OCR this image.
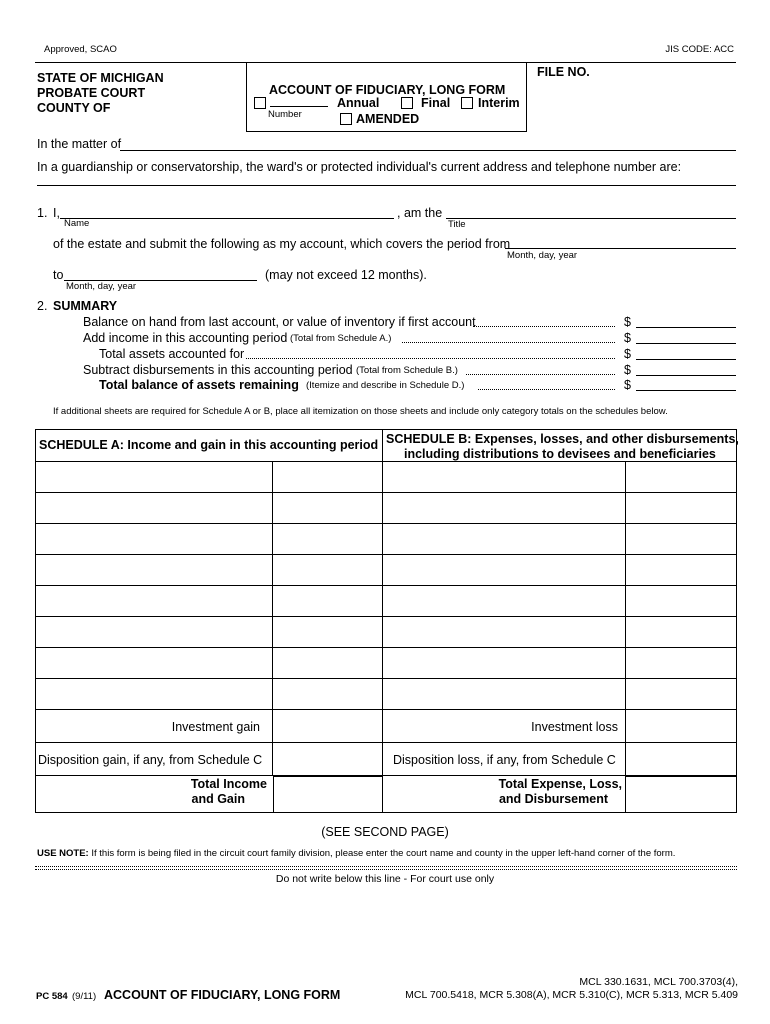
Approved, SCAO	JIS CODE: ACC
STATE OF MICHIGAN
PROBATE COURT
COUNTY OF
ACCOUNT OF FIDUCIARY, LONG FORM
Annual
Number
Final Interim
AMENDED
FILE NO.
In the matter of
In a guardianship or conservatorship, the ward's or protected individual's current address and telephone number are:
1. I,
Name
, am the
Title
of the estate and submit the following as my account, which covers the period from
Month, day, year
to	(may not exceed 12 months).
Month, day, year
2. SUMMARY
Balance on hand from last account, or value of inventory if first account	$
Add income in this accounting period (Total from Schedule A.)	$
Total assets accounted for	$
Subtract disbursements in this accounting period (Total from Schedule B.)	$
Total balance of assets remaining (Itemize and describe in Schedule D.)	$
If additional sheets are required for Schedule A or B, place all itemization on those sheets and include only category totals on the schedules below.
SCHEDULE A: Income and gain in this accounting period SCHEDULE B: Expenses, losses, and other disbursements,
including distributions to devisees and beneficiaries
Investment gain	Investment loss
Disposition gain, if any, from Schedule C	Disposition loss, if any, from Schedule C
Total Income
and Gain
Total Expense, Loss,
and Disbursement
(SEE SECOND PAGE)
USE NOTE: If this form is being filed in the circuit court family division, please enter the court name and county in the upper left-hand corner of the form.
Do not write below this line - For court use only
PC 584 (9/11) ACCOUNT OF FIDUCIARY, LONG FORM
MCL 330.1631, MCL 700.3703(4),
MCL 700.5418, MCR 5.308(A), MCR 5.310(C), MCR 5.313, MCR 5.409
